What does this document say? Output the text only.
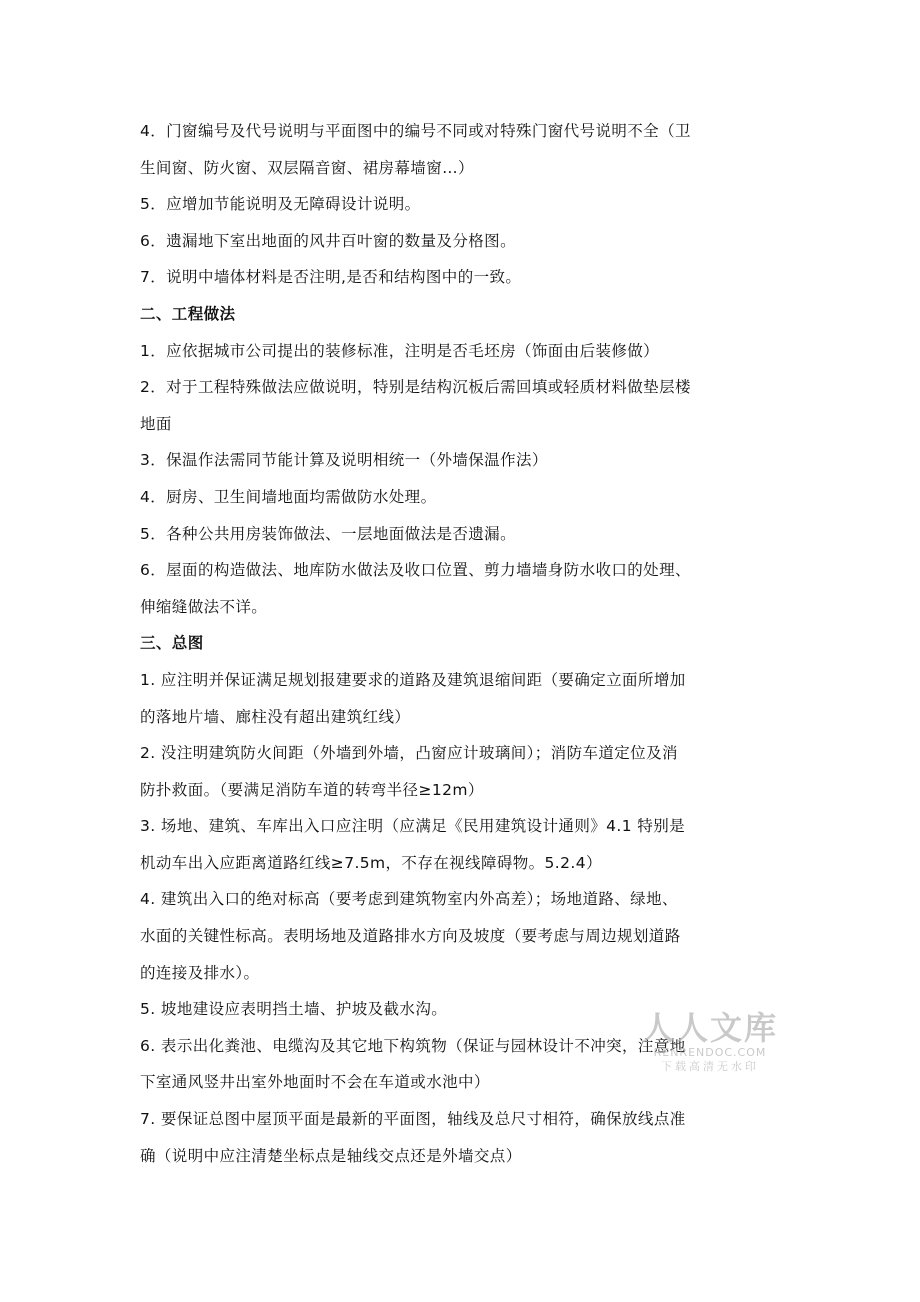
4．门窗编号及代号说明与平面图中的编号不同或对特殊门窗代号说明不全（卫
生间窗、防火窗、双层隔音窗、裙房幕墙窗…）
5．应增加节能说明及无障碍设计说明。
6．遗漏地下室出地面的风井百叶窗的数量及分格图。
7．说明中墙体材料是否注明,是否和结构图中的一致。
二、工程做法
1．应依据城市公司提出的装修标准，注明是否毛坯房（饰面由后装修做）
2．对于工程特殊做法应做说明，特别是结构沉板后需回填或轻质材料做垫层楼
地面
3．保温作法需同节能计算及说明相统一（外墙保温作法）
4．厨房、卫生间墙地面均需做防水处理。
5．各种公共用房装饰做法、一层地面做法是否遗漏。
6．屋面的构造做法、地库防水做法及收口位置、剪力墙墙身防水收口的处理、
伸缩缝做法不详。
三、总图
1. 应注明并保证满足规划报建要求的道路及建筑退缩间距（要确定立面所增加
的落地片墙、廊柱没有超出建筑红线）
2. 没注明建筑防火间距（外墙到外墙，凸窗应计玻璃间）；消防车道定位及消
防扑救面。（要满足消防车道的转弯半径≥12m）
3. 场地、建筑、车库出入口应注明（应满足《民用建筑设计通则》4.1 特别是
机动车出入应距离道路红线≥7.5m，不存在视线障碍物。5.2.4）
4. 建筑出入口的绝对标高（要考虑到建筑物室内外高差）；场地道路、绿地、
水面的关键性标高。表明场地及道路排水方向及坡度（要考虑与周边规划道路
的连接及排水）。
5. 坡地建设应表明挡土墙、护坡及截水沟。
6. 表示出化粪池、电缆沟及其它地下构筑物（保证与园林设计不冲突，注意地
下室通风竖井出室外地面时不会在车道或水池中）
7. 要保证总图中屋顶平面是最新的平面图，轴线及总尺寸相符，确保放线点准
确（说明中应注清楚坐标点是轴线交点还是外墙交点）
人人文库
RENRENDOC.COM
下载高清无水印
